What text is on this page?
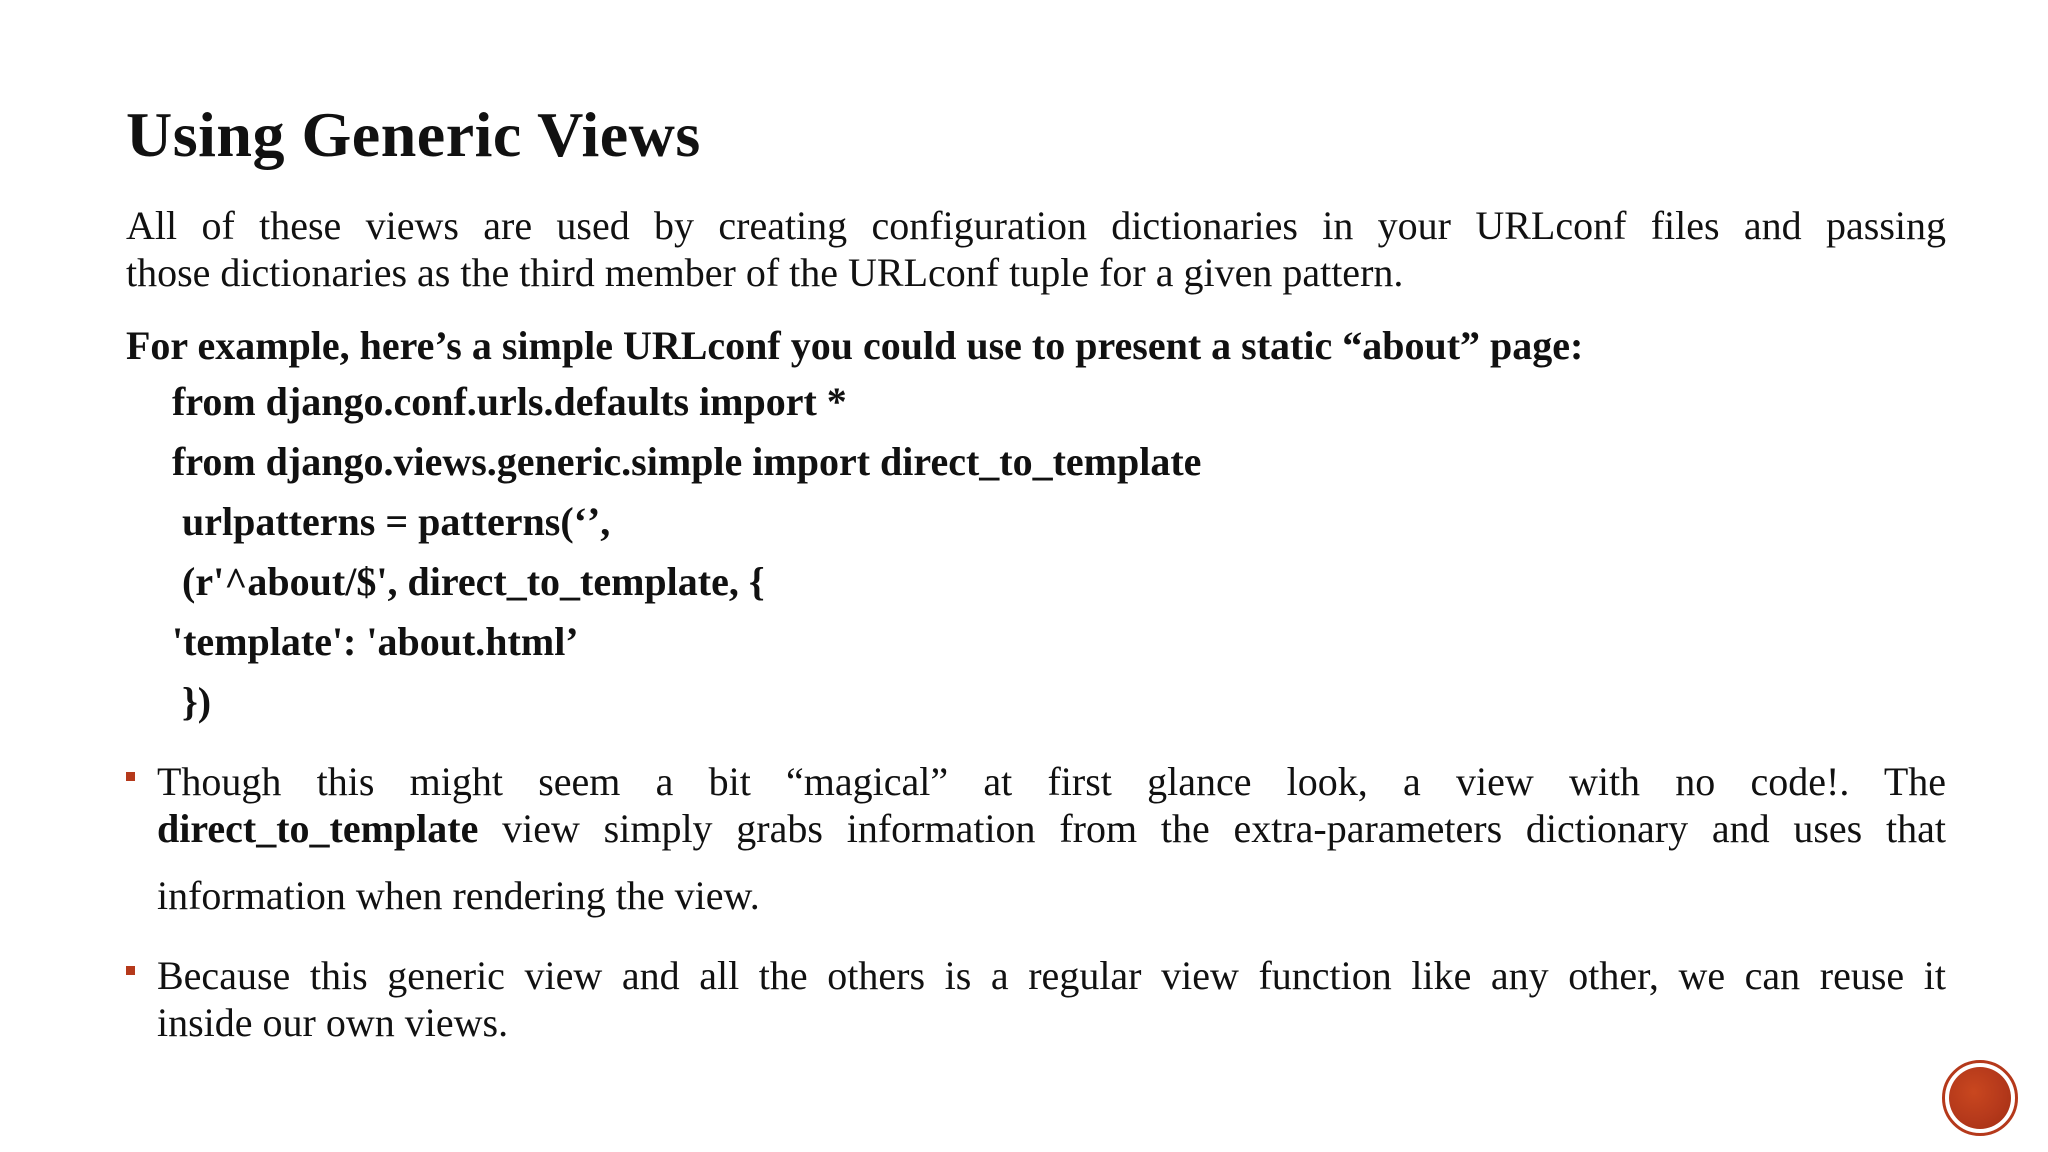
Using Generic Views
All of these views are used by creating configuration dictionaries in your URLconf files and passing
those dictionaries as the third member of the URLconf tuple for a given pattern.
For example, here’s a simple URLconf you could use to present a static “about” page:
from django.conf.urls.defaults import *
from django.views.generic.simple import direct_to_template
urlpatterns = patterns(‘’,
(r'^about/$', direct_to_template, {
'template': 'about.html’
})
Though this might seem a bit “magical” at first glance look, a view with no code!. The
direct_to_template view simply grabs information from the extra-parameters dictionary and uses that
information when rendering the view.
Because this generic view and all the others is a regular view function like any other, we can reuse it
inside our own views.
